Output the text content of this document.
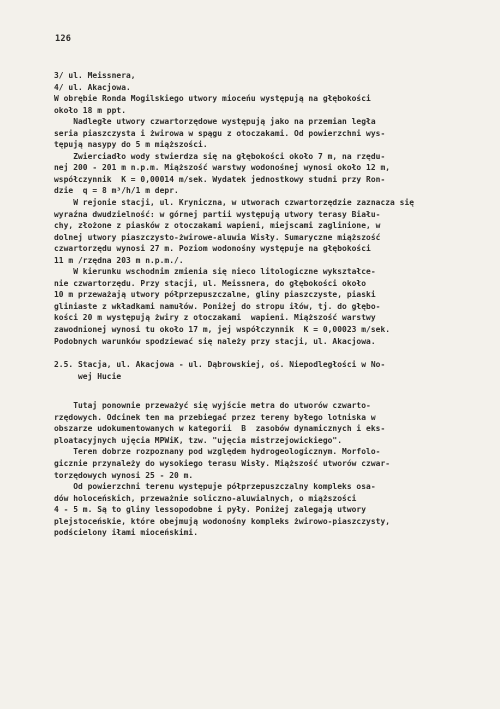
126
3/ ul. Meissnera,
4/ ul. Akacjowa.
W obrębie Ronda Mogilskiego utwory mioceńu występują na głębokości
około 18 m ppt.
Nadległe utwory czwartorzędowe występują jako na przemian legła
seria piaszczysta i żwirowa w spągu z otoczakami. Od powierzchni wys-
tępują nasypy do 5 m miąższości.
Zwierciadło wody stwierdza się na głębokości około 7 m, na rzędu-
nej 200 - 201 m n.p.m. Miąższość warstwy wodonośnej wynosi około 12 m,
współczynnik  K = 0,00014 m/sek. Wydatek jednostkowy studni przy Ron-
dzie  q = 8 m³/h/1 m depr.
W rejonie stacji, ul. Kryniczna, w utworach czwartorzędzie zaznacza się
wyraźna dwudzielność: w górnej partii występują utwory terasy Biału-
chy, złożone z piasków z otoczakami wapieni, miejscami zaglinione, w
dolnej utwory piaszczysto-żwirowe-aluwia Wisły. Sumaryczne miąższość
czwartorzędu wynosi 27 m. Poziom wodonośny występuje na głębokości
11 m /rzędna 203 m n.p.m./.
W kierunku wschodnim zmienia się nieco litologiczne wykształce-
nie czwartorzędu. Przy stacji, ul. Meissnera, do głębokości około
10 m przeważają utwory półprzepuszczalne, gliny piaszczyste, piaski
gliniaste z wkładkami namułów. Poniżej do stropu iłów, tj. do głębo-
kości 20 m występują żwiry z otoczakami  wapieni. Miąższość warstwy
zawodnionej wynosi tu około 17 m, jej współczynnik  K = 0,00023 m/sek.
Podobnych warunków spodziewać się należy przy stacji, ul. Akacjowa.
2.5. Stacja, ul. Akacjowa - ul. Dąbrowskiej, oś. Niepodległości w No-
wej Hucie
Tutaj ponownie przeważyć się wyjście metra do utworów czwarto-
rzędowych. Odcinek ten ma przebiegać przez tereny byłego lotniska w
obszarze udokumentowanych w kategorii  B  zasobów dynamicznych i eks-
ploatacyjnych ujęcia MPWiK, tzw. "ujęcia mistrzejowickiego".
Teren dobrze rozpoznany pod względem hydrogeologicznym. Morfolo-
gicznie przynależy do wysokiego terasu Wisły. Miąższość utworów czwar-
torzędowych wynosi 25 - 20 m.
Od powierzchni terenu występuje półprzepuszczalny kompleks osa-
dów holoceńskich, przeważnie soliczno-aluwialnych, o miąższości
4 - 5 m. Są to gliny lessopodobne i pyły. Poniżej zalegają utwory
plejstoceńskie, które obejmują wodonośny kompleks żwirowo-piaszczysty,
podścielony iłami mioceńskimi.
